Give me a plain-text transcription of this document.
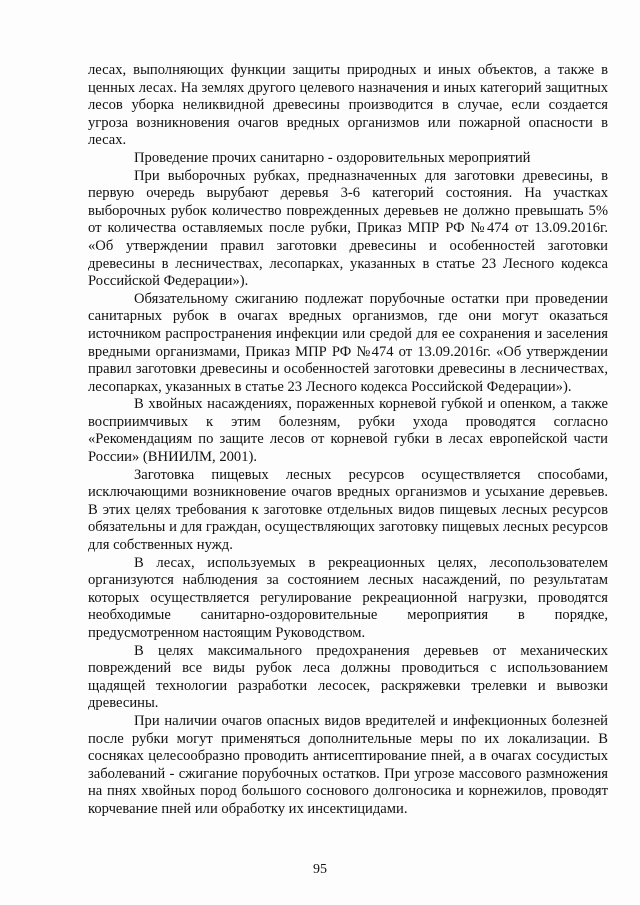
лесах, выполняющих функции защиты природных и иных объектов, а также в ценных лесах. На землях другого целевого назначения и иных категорий защитных лесов уборка неликвидной древесины производится в случае, если создается угроза возникновения очагов вредных организмов или пожарной опасности в лесах.

Проведение прочих санитарно - оздоровительных мероприятий

При выборочных рубках, предназначенных для заготовки древесины, в первую очередь вырубают деревья 3-6 категорий состояния. На участках выборочных рубок количество поврежденных деревьев не должно превышать 5% от количества оставляемых после рубки, Приказ МПР РФ №474 от 13.09.2016г. «Об утверждении правил заготовки древесины и особенностей заготовки древесины в лесничествах, лесопарках, указанных в статье 23 Лесного кодекса Российской Федерации»).

Обязательному сжиганию подлежат порубочные остатки при проведении санитарных рубок в очагах вредных организмов, где они могут оказаться источником распространения инфекции или средой для ее сохранения и заселения вредными организмами, Приказ МПР РФ №474 от 13.09.2016г. «Об утверждении правил заготовки древесины и особенностей заготовки древесины в лесничествах, лесопарках, указанных в статье 23 Лесного кодекса Российской Федерации»).

В хвойных насаждениях, пораженных корневой губкой и опенком, а также восприимчивых к этим болезням, рубки ухода проводятся согласно «Рекомендациям по защите лесов от корневой губки в лесах европейской части России» (ВНИИЛМ, 2001).

Заготовка пищевых лесных ресурсов осуществляется способами, исключающими возникновение очагов вредных организмов и усыхание деревьев. В этих целях требования к заготовке отдельных видов пищевых лесных ресурсов обязательны и для граждан, осуществляющих заготовку пищевых лесных ресурсов для собственных нужд.

В лесах, используемых в рекреационных целях, лесопользователем организуются наблюдения за состоянием лесных насаждений, по результатам которых осуществляется регулирование рекреационной нагрузки, проводятся необходимые санитарно-оздоровительные мероприятия в порядке, предусмотренном настоящим Руководством.

В целях максимального предохранения деревьев от механических повреждений все виды рубок леса должны проводиться с использованием щадящей технологии разработки лесосек, раскряжевки трелевки и вывозки древесины.

При наличии очагов опасных видов вредителей и инфекционных болезней после рубки могут применяться дополнительные меры по их локализации. В сосняках целесообразно проводить антисептирование пней, а в очагах сосудистых заболеваний - сжигание порубочных остатков. При угрозе массового размножения на пнях хвойных пород большого соснового долгоносика и корнежилов, проводят корчевание пней или обработку их инсектицидами.

95
